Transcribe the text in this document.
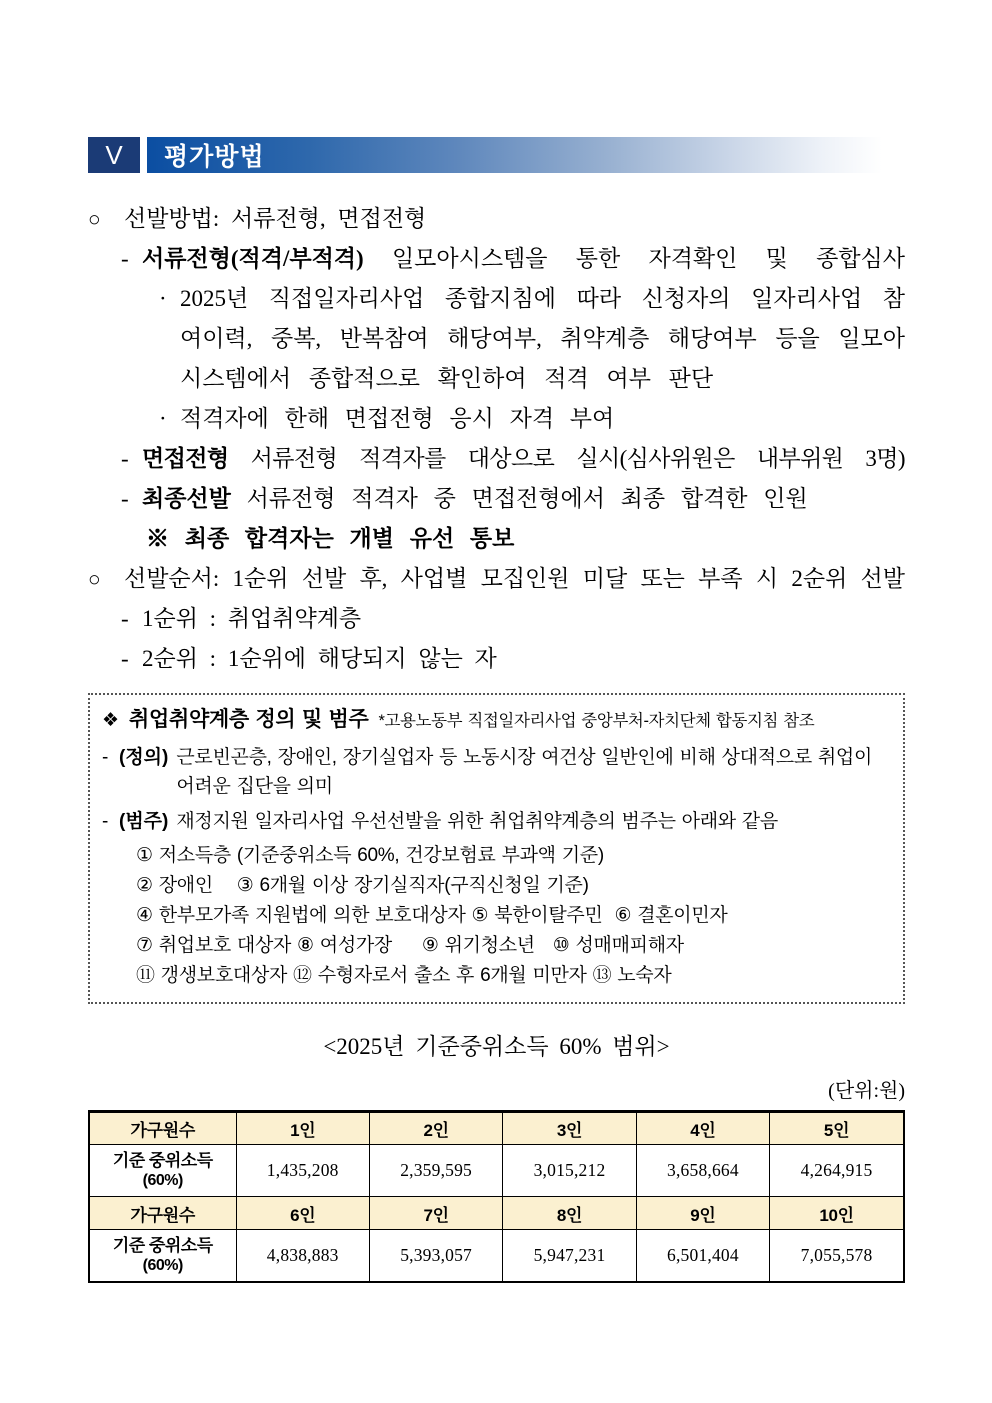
V	평가방법
○	선발방법: 서류전형, 면접전형
- 서류전형(적격/부적격) 일모아시스템을 통한 자격확인 및 종합심사
· 2025년 직접일자리사업 종합지침에 따라 신청자의 일자리사업 참여이력, 중복, 반복참여 해당여부, 취약계층 해당여부 등을 일모아시스템에서 종합적으로 확인하여 적격 여부 판단
· 적격자에 한해 면접전형 응시 자격 부여
- 면접전형 서류전형 적격자를 대상으로 실시(심사위원은 내부위원 3명)
- 최종선발 서류전형 적격자 중 면접전형에서 최종 합격한 인원
※ 최종 합격자는 개별 유선 통보
○	선발순서: 1순위 선발 후, 사업별 모집인원 미달 또는 부족 시 2순위 선발
- 1순위 : 취업취약계층
- 2순위 : 1순위에 해당되지 않는 자
❖ 취업취약계층 정의 및 범주 *고용노동부 직접일자리사업 중앙부처-자치단체 합동지침 참조
- (정의) 근로빈곤층, 장애인, 장기실업자 등 노동시장 여건상 일반인에 비해 상대적으로 취업이 어려운 집단을 의미
- (범주) 재정지원 일자리사업 우선선발을 위한 취업취약계층의 범주는 아래와 같음
① 저소득층 (기준중위소득 60%, 건강보험료 부과액 기준)
② 장애인    ③ 6개월 이상 장기실직자(구직신청일 기준)
④ 한부모가족 지원법에 의한 보호대상자 ⑤ 북한이탈주민  ⑥ 결혼이민자
⑦ 취업보호 대상자 ⑧ 여성가장     ⑨ 위기청소년   ⑩ 성매매피해자
⑪ 갱생보호대상자 ⑫ 수형자로서 출소 후 6개월 미만자 ⑬ 노숙자
<2025년 기준중위소득 60% 범위>
(단위:원)
가구원수	1인	2인	3인	4인	5인

기준 중위소득
(60%)	1,435,208	2,359,595	3,015,212	3,658,664	4,264,915
가구원수	6인	7인	8인	9인	10인

기준 중위소득
(60%)	4,838,883	5,393,057	5,947,231	6,501,404	7,055,578
